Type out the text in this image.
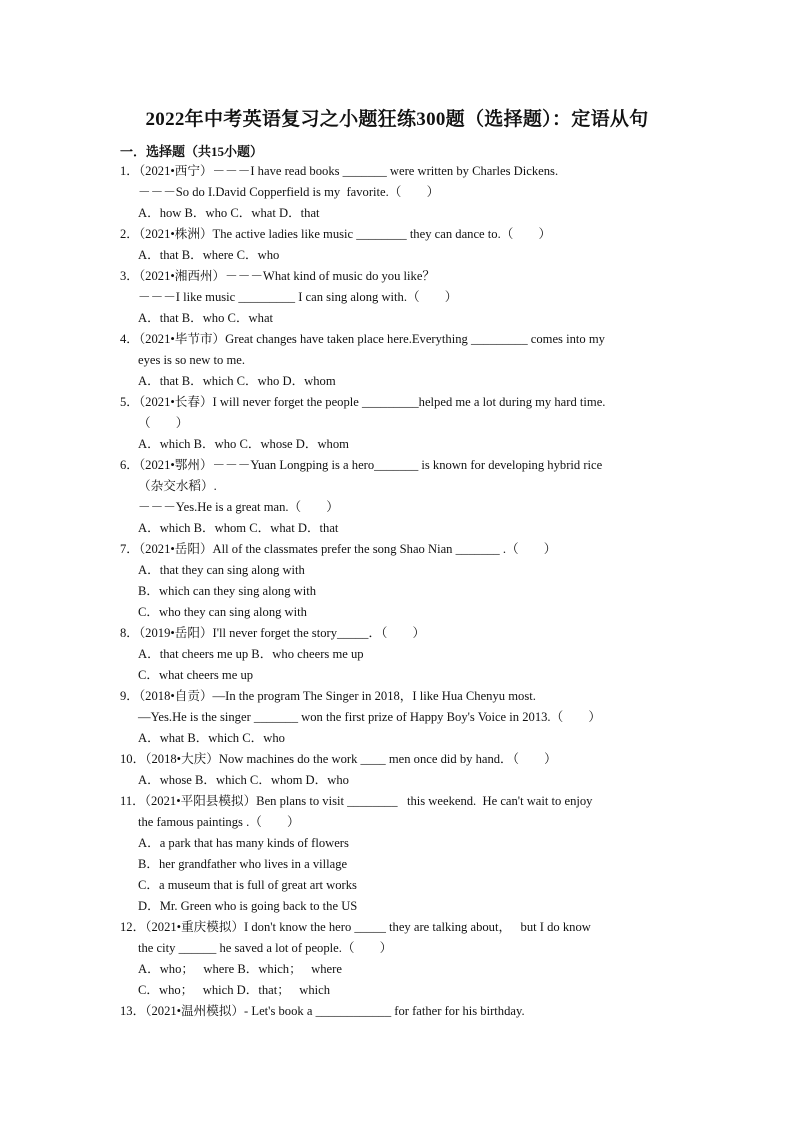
2022年中考英语复习之小题狂练300题（选择题）：定语从句
一．选择题（共15小题）
1．（2021•西宁）－－－I have read books _______ were written by Charles Dickens.
－－－So do I.David Copperfield is my  favorite.（　　）
A．how B．who C．what D．that
2．（2021•株洲）The active ladies like music ________ they can dance to.（　　）
A．that B．where C．who
3．（2021•湘西州）－－－What kind of music do you like？
－－－I like music _________ I can sing along with.（　　）
A．that B．who C．what
4．（2021•毕节市）Great changes have taken place here.Everything _________ comes into my
eyes is so new to me.
A．that B．which C．who D．whom
5．（2021•长春）I will never forget the people _________helped me a lot during my hard time.
（　　）
A．which B．who C．whose D．whom
6．（2021•鄂州）－－－Yuan Longping is a hero_______ is known for developing hybrid rice
（杂交水稻）.
－－－Yes.He is a great man.（　　）
A．which B．whom C．what D．that
7．（2021•岳阳）All of the classmates prefer the song Shao Nian _______ .（　　）
A．that they can sing along with
B．which can they sing along with
C．who they can sing along with
8．（2019•岳阳）I'll never forget the story_____．（　　）
A．that cheers me up B．who cheers me up
C．what cheers me up
9．（2018•自贡）—In the program The Singer in 2018，I like Hua Chenyu most.
—Yes.He is the singer _______ won the first prize of Happy Boy's Voice in 2013.（　　）
A．what B．which C．who
10．（2018•大庆）Now machines do the work ____ men once did by hand．（　　）
A．whose B．which C．whom D．who
11．（2021•平阳县模拟）Ben plans to visit ________   this weekend.  He can't wait to enjoy
the famous paintings .（　　）
A．a park that has many kinds of flowers
B．her grandfather who lives in a village
C．a museum that is full of great art works
D．Mr. Green who is going back to the US
12．（2021•重庆模拟）I don't know the hero _____ they are talking about，   but I do know
the city ______ he saved a lot of people.（　　）
A．who；   where B．which；   where
C．who；   which D．that；   which
13．（2021•温州模拟）- Let's book a ____________ for father for his birthday.
